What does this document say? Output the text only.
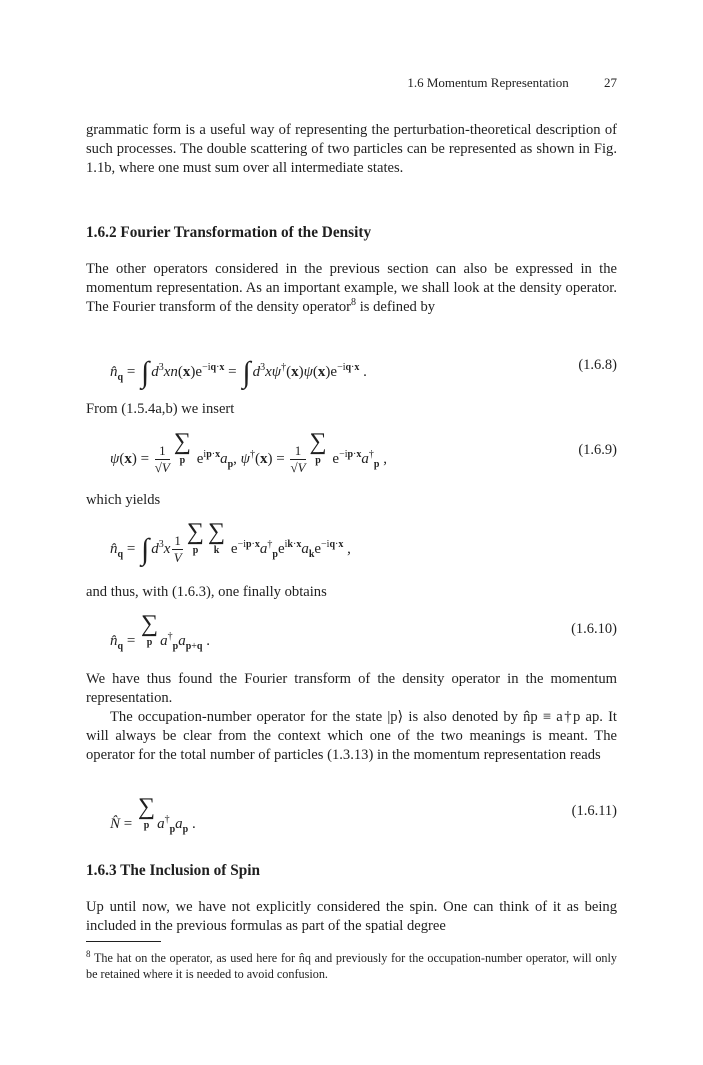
1.6 Momentum Representation	27
grammatic form is a useful way of representing the perturbation-theoretical description of such processes. The double scattering of two particles can be represented as shown in Fig. 1.1b, where one must sum over all intermediate states.
1.6.2 Fourier Transformation of the Density
The other operators considered in the previous section can also be expressed in the momentum representation. As an important example, we shall look at the density operator. The Fourier transform of the density operator$^8$ is defined by
$n̂_q$ = ∫ $d^3xn(x)e^{-iq\cdot x}$ = ∫ $d^3x\psi^\dagger(x)\psi(x)e^{-iq\cdot x}$ .	(1.6.8)
From (1.5.4a,b) we insert
$\psi(x) = \frac{1}{√V}$
∑
p $e^{ip\cdot x}a_p$, $\psi^\dagger(x) = \frac{1}{√V}$
∑
p $e^{-ip\cdot x}a^\dagger_p$ ,
(1.6.9)
which yields
$n̂_q$ = ∫ $d^3x \frac{1}{V}$
∑
p
∑
k $e^{-ip\cdot x}a^\dagger_pe^{ik\cdot x}a_ke^{-iq\cdot x}$ ,
and thus, with (1.6.3), one finally obtains
$n̂_q$ =
∑
p $a^\dagger_pa_{p+q}$ .
(1.6.10)
We have thus found the Fourier transform of the density operator in the momentum representation.
The occupation-number operator for the state |p⟩ is also denoted by n̂p ≡ a†p ap. It will always be clear from the context which one of the two meanings is meant. The operator for the total number of particles (1.3.13) in the momentum representation reads
N̂ =
∑
p $a^\dagger_pa_p$ .
(1.6.11)
1.6.3 The Inclusion of Spin
Up until now, we have not explicitly considered the spin. One can think of it as being included in the previous formulas as part of the spatial degree
$^8$ The hat on the operator, as used here for n̂q and previously for the occupation-number operator, will only be retained where it is needed to avoid confusion.
